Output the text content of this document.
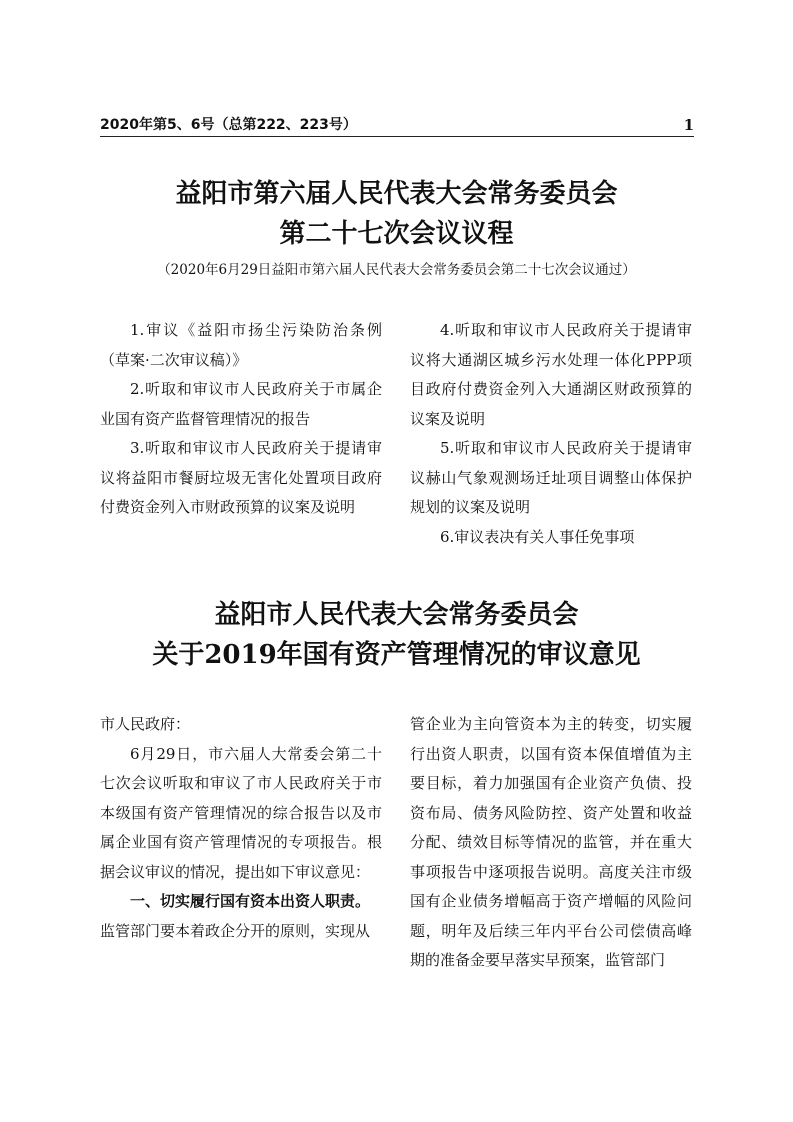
2020年第5、6号（总第222、223号）	1
益阳市第六届人民代表大会常务委员会
第二十七次会议议程
（2020年6月29日益阳市第六届人民代表大会常务委员会第二十七次会议通过）

1.审议《益阳市扬尘污染防治条例（草案·二次审议稿）》

2.听取和审议市人民政府关于市属企业国有资产监督管理情况的报告

3.听取和审议市人民政府关于提请审议将益阳市餐厨垃圾无害化处置项目政府付费资金列入市财政预算的议案及说明

4.听取和审议市人民政府关于提请审议将大通湖区城乡污水处理一体化PPP项目政府付费资金列入大通湖区财政预算的议案及说明

5.听取和审议市人民政府关于提请审议赫山气象观测场迁址项目调整山体保护规划的议案及说明

6.审议表决有关人事任免事项

益阳市人民代表大会常务委员会
关于2019年国有资产管理情况的审议意见

市人民政府：

6月29日，市六届人大常委会第二十七次会议听取和审议了市人民政府关于市本级国有资产管理情况的综合报告以及市属企业国有资产管理情况的专项报告。根据会议审议的情况，提出如下审议意见：

一、切实履行国有资本出资人职责。

监管部门要本着政企分开的原则，实现从

管企业为主向管资本为主的转变，切实履行出资人职责，以国有资本保值增值为主要目标，着力加强国有企业资产负债、投资布局、债务风险防控、资产处置和收益分配、绩效目标等情况的监管，并在重大事项报告中逐项报告说明。高度关注市级国有企业债务增幅高于资产增幅的风险问题，明年及后续三年内平台公司偿债高峰期的准备金要早落实早预案，监管部门
